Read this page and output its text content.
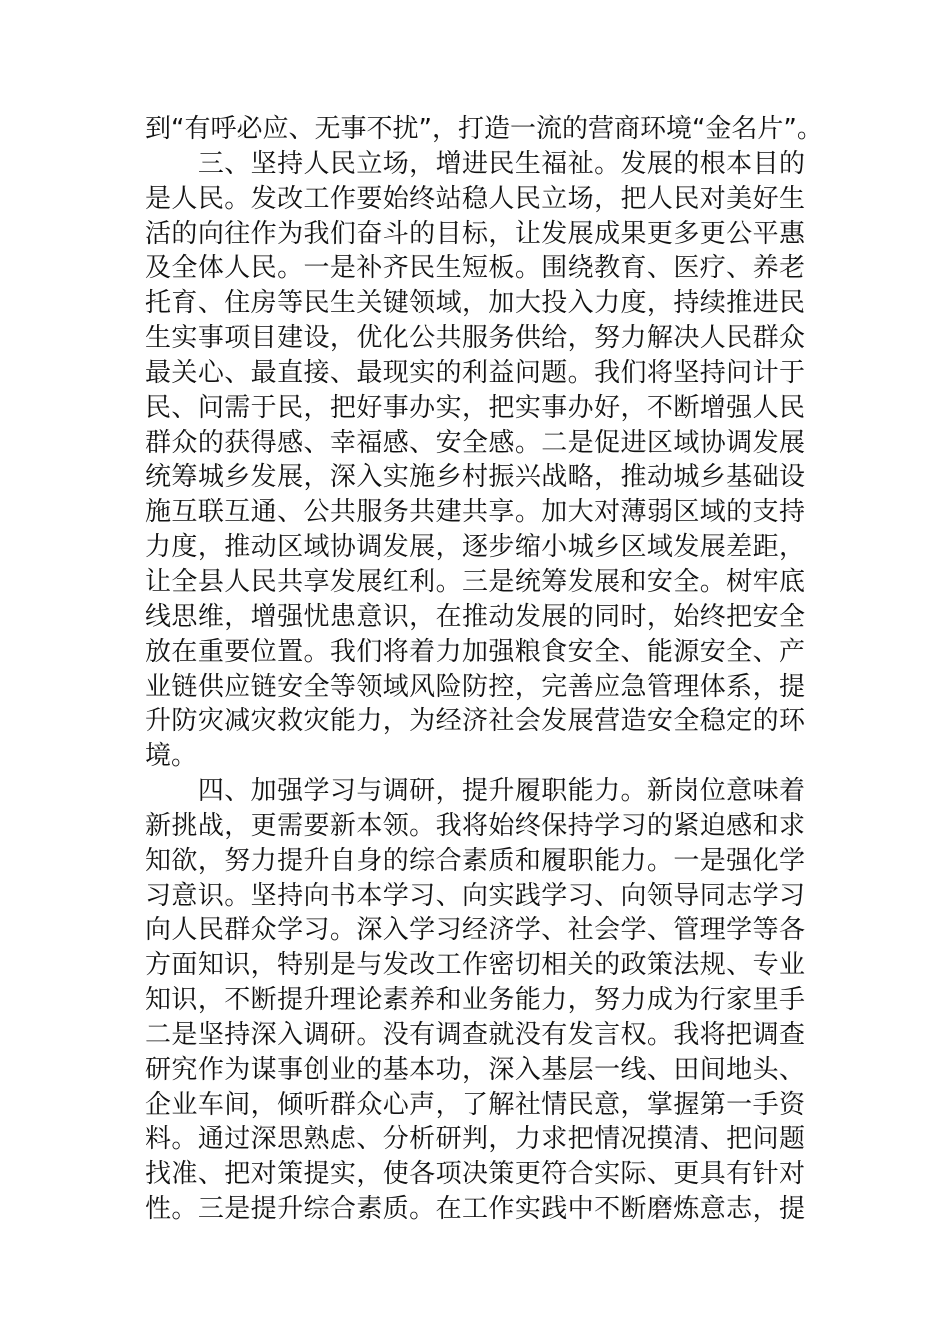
到“有呼必应、无事不扰”，打造一流的营商环境“金名片”。
　　三、坚持人民立场，增进民生福祉。发展的根本目的
是人民。发改工作要始终站稳人民立场，把人民对美好生
活的向往作为我们奋斗的目标，让发展成果更多更公平惠
及全体人民。一是补齐民生短板。围绕教育、医疗、养老
托育、住房等民生关键领域，加大投入力度，持续推进民
生实事项目建设，优化公共服务供给，努力解决人民群众
最关心、最直接、最现实的利益问题。我们将坚持问计于
民、问需于民，把好事办实，把实事办好，不断增强人民
群众的获得感、幸福感、安全感。二是促进区域协调发展
统筹城乡发展，深入实施乡村振兴战略，推动城乡基础设
施互联互通、公共服务共建共享。加大对薄弱区域的支持
力度，推动区域协调发展，逐步缩小城乡区域发展差距，
让全县人民共享发展红利。三是统筹发展和安全。树牢底
线思维，增强忧患意识，在推动发展的同时，始终把安全
放在重要位置。我们将着力加强粮食安全、能源安全、产
业链供应链安全等领域风险防控，完善应急管理体系，提
升防灾减灾救灾能力，为经济社会发展营造安全稳定的环
境。
　　四、加强学习与调研，提升履职能力。新岗位意味着
新挑战，更需要新本领。我将始终保持学习的紧迫感和求
知欲，努力提升自身的综合素质和履职能力。一是强化学
习意识。坚持向书本学习、向实践学习、向领导同志学习
向人民群众学习。深入学习经济学、社会学、管理学等各
方面知识，特别是与发改工作密切相关的政策法规、专业
知识，不断提升理论素养和业务能力，努力成为行家里手
二是坚持深入调研。没有调查就没有发言权。我将把调查
研究作为谋事创业的基本功，深入基层一线、田间地头、
企业车间，倾听群众心声，了解社情民意，掌握第一手资
料。通过深思熟虑、分析研判，力求把情况摸清、把问题
找准、把对策提实，使各项决策更符合实际、更具有针对
性。三是提升综合素质。在工作实践中不断磨炼意志，提
